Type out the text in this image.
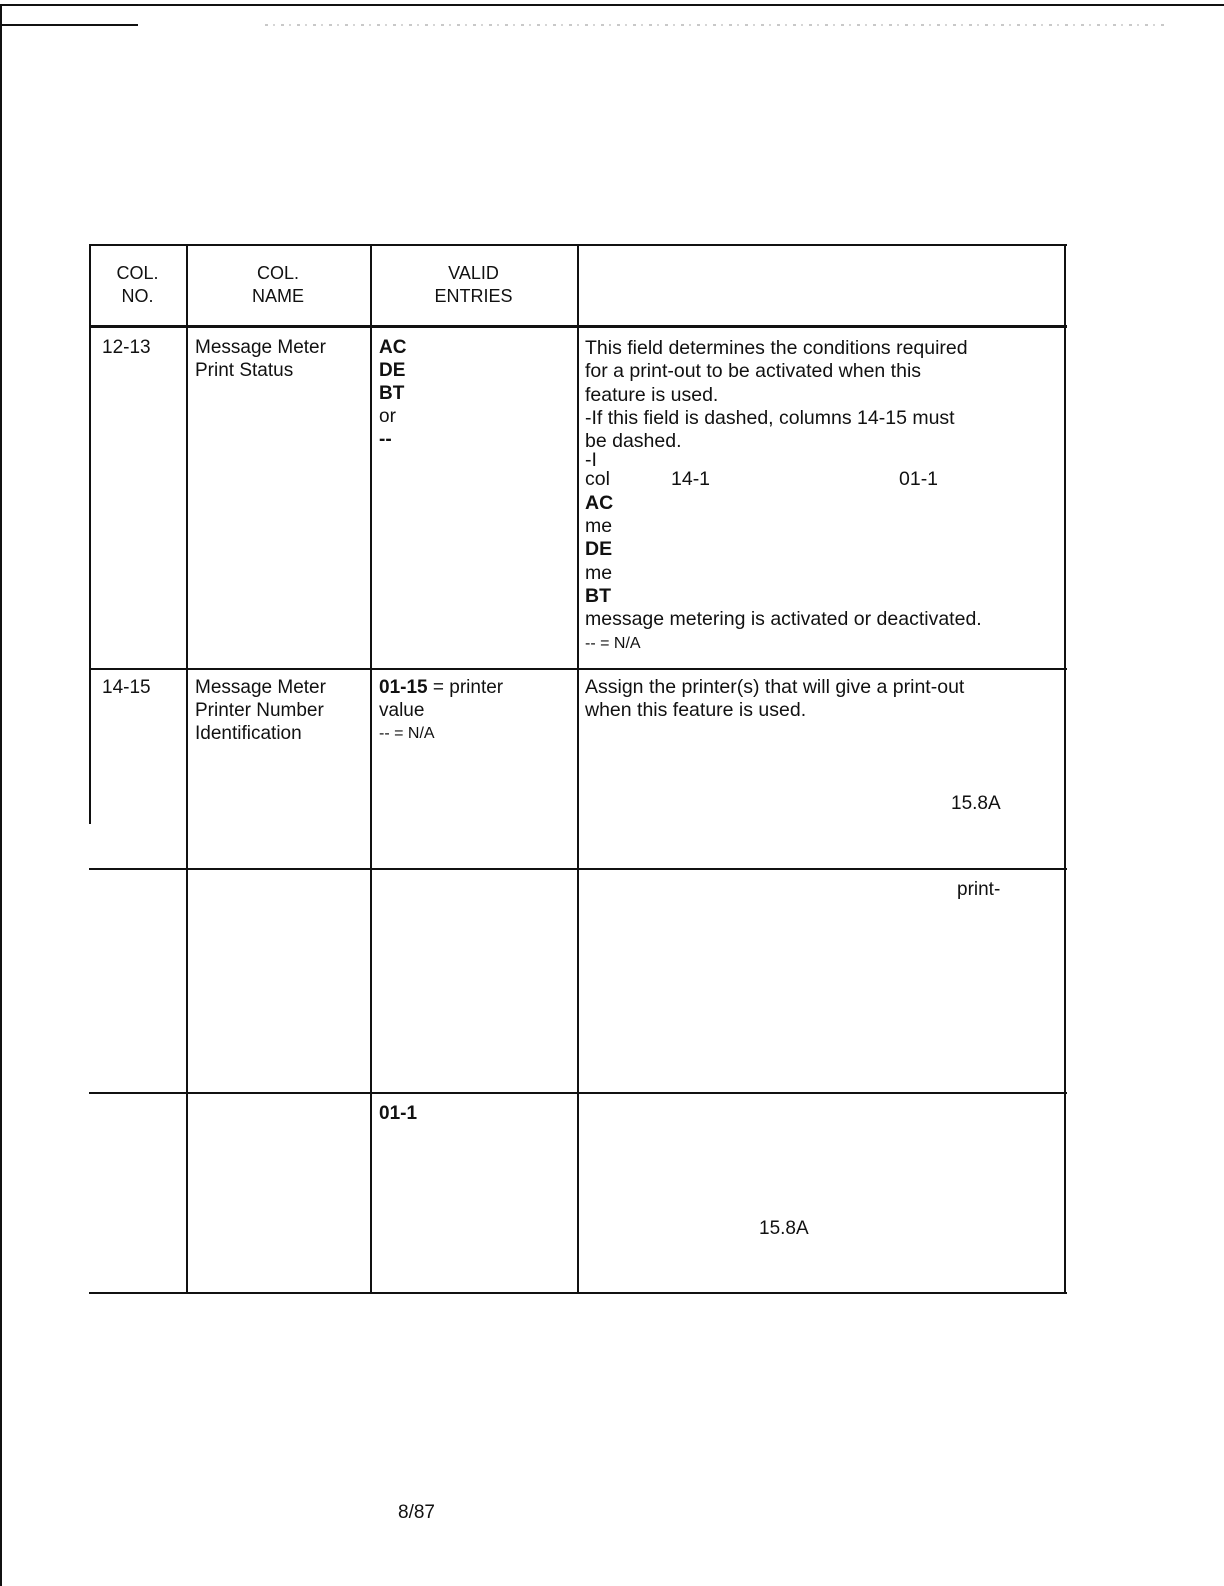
COL.
NO.
COL.
NAME
VALID
ENTRIES
12-13 Message Meter
Print Status
AC
DE
BT
or
--
This field determines the conditions required
for a print-out to be activated when this
feature is used.
-If this field is dashed, columns 14-15 must
be dashed.
-I
col	14-1	01-1
AC
me
DE
me
BT
message metering is activated or deactivated.
-- = N/A
14-15 Message Meter
Printer Number
Identification
01-15 = printer
value
-- = N/A
Assign the printer(s) that will give a print-out
when this feature is used.
15.8A
print-
01-1
15.8A
8/87
